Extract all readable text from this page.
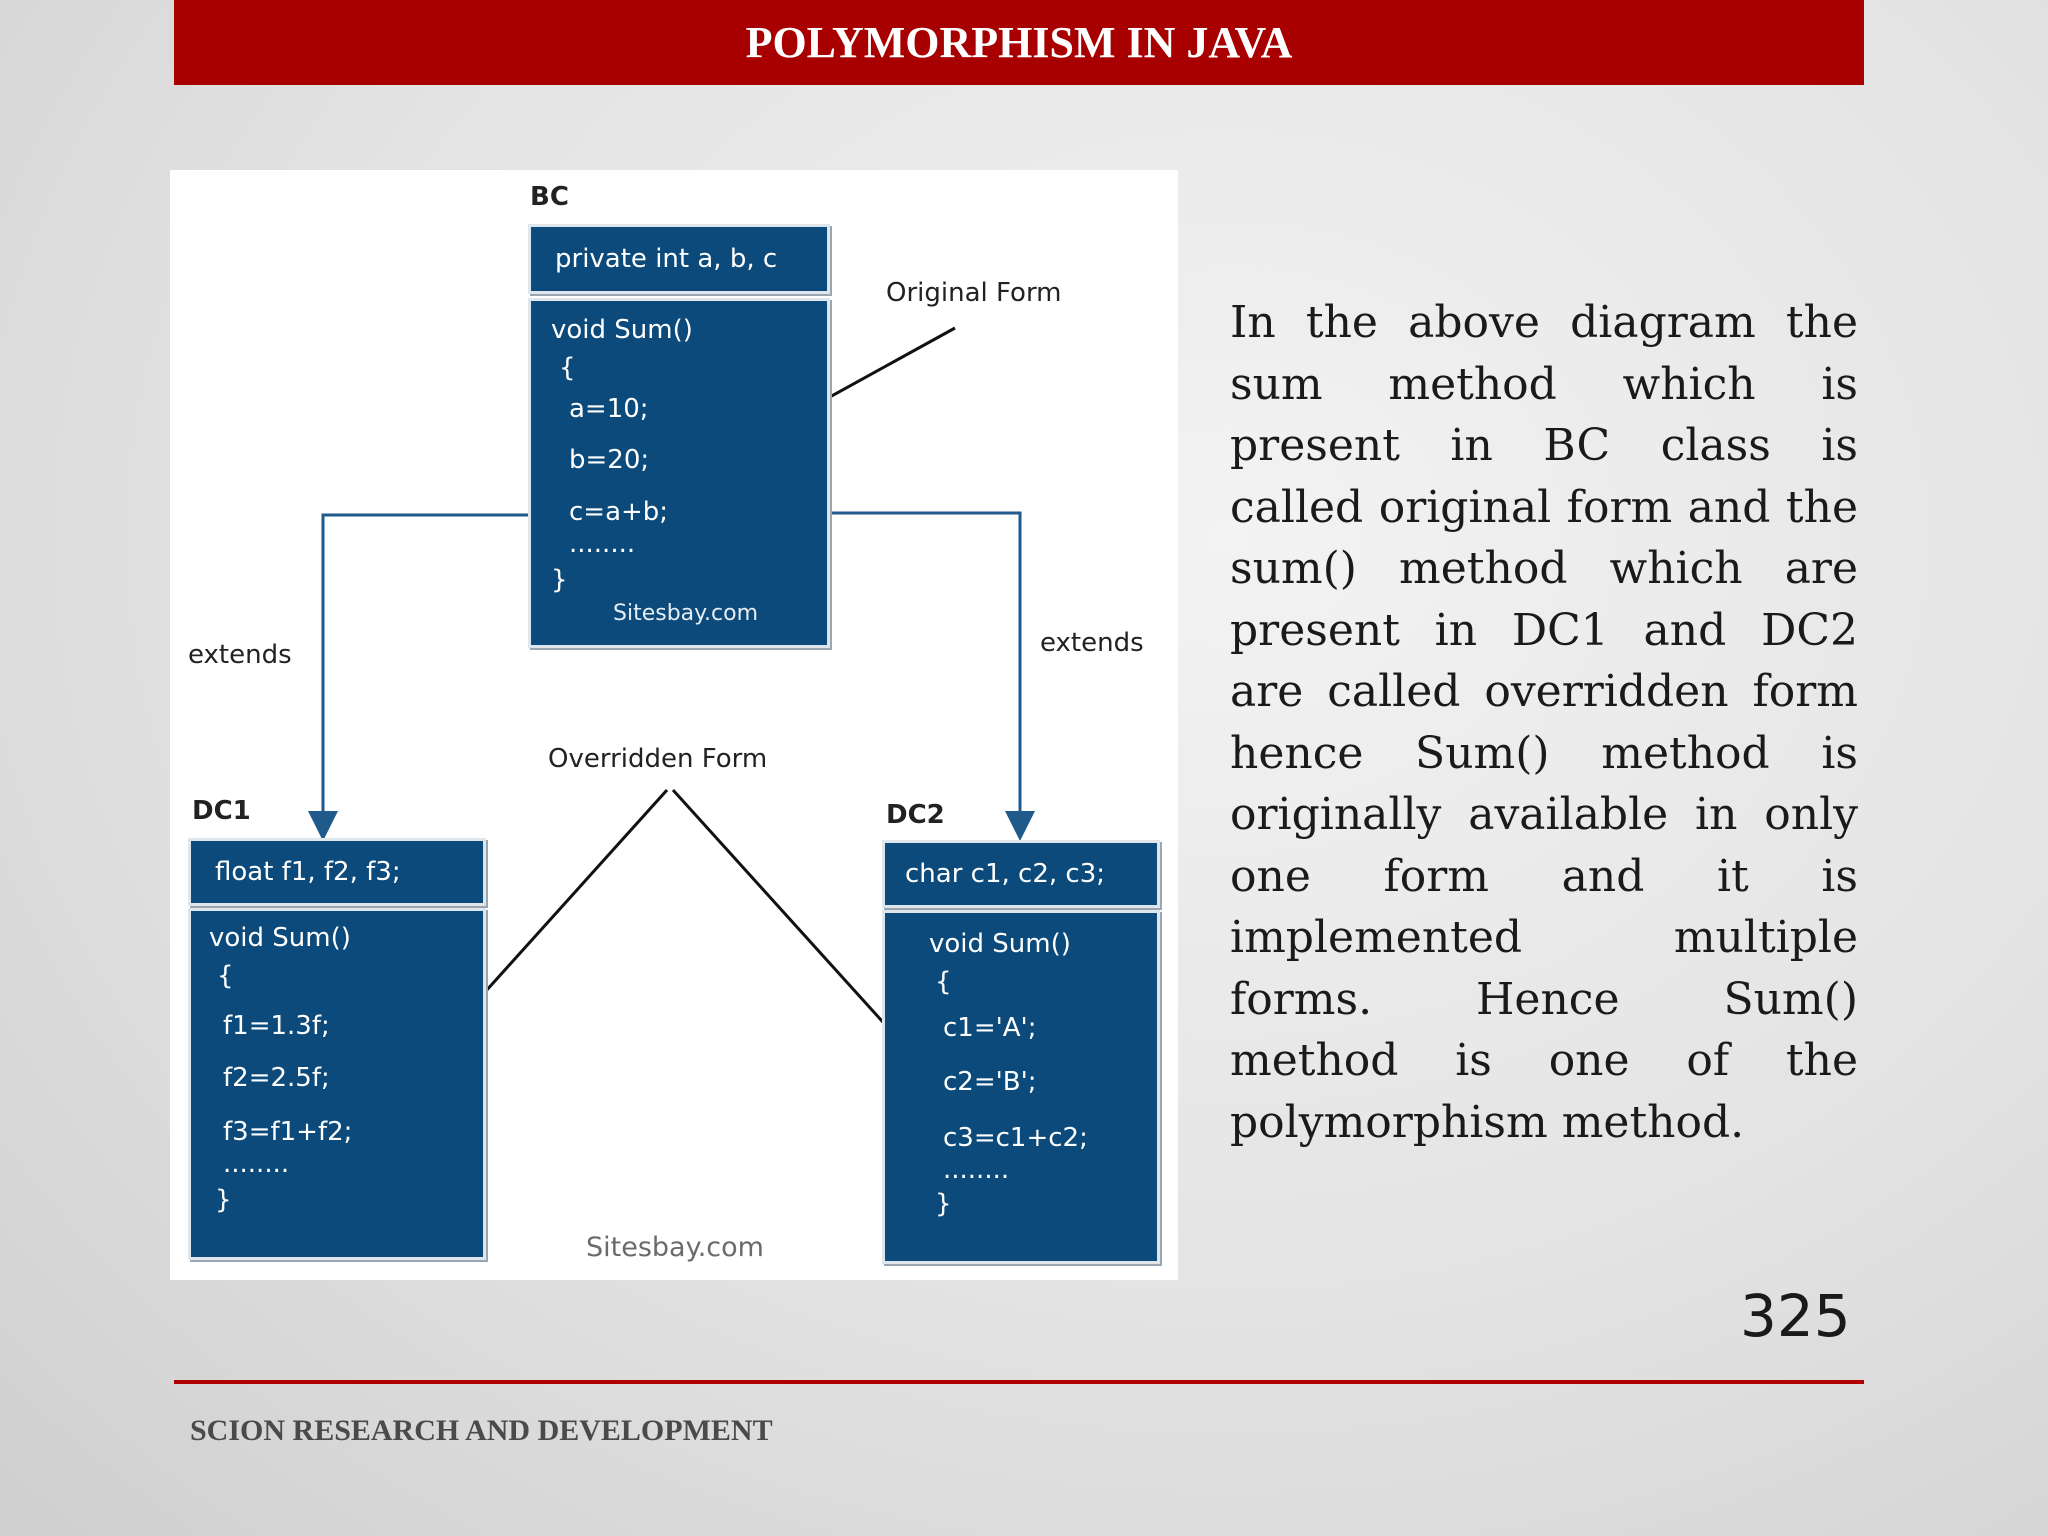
POLYMORPHISM IN JAVA
BC
private int a, b, c
void Sum()
{
a=10;
b=20;
c=a+b;
........
}
Sitesbay.com
Original Form
extends	extends
Overridden Form
DC1
float f1, f2, f3;
void Sum()
{
f1=1.3f;
f2=2.5f;
f3=f1+f2;
........
}
DC2
char c1, c2, c3;
void Sum()
{
c1='A';
c2='B';
c3=c1+c2;
........
}
Sitesbay.com
In the above diagram the sum method which is present in BC class is called original form and the sum() method which are present in DC1 and DC2 are called overridden form hence Sum() method is originally available in only one form and it is implemented multiple forms. Hence Sum() method is one of the polymorphism method.
325
SCION RESEARCH AND DEVELOPMENT
